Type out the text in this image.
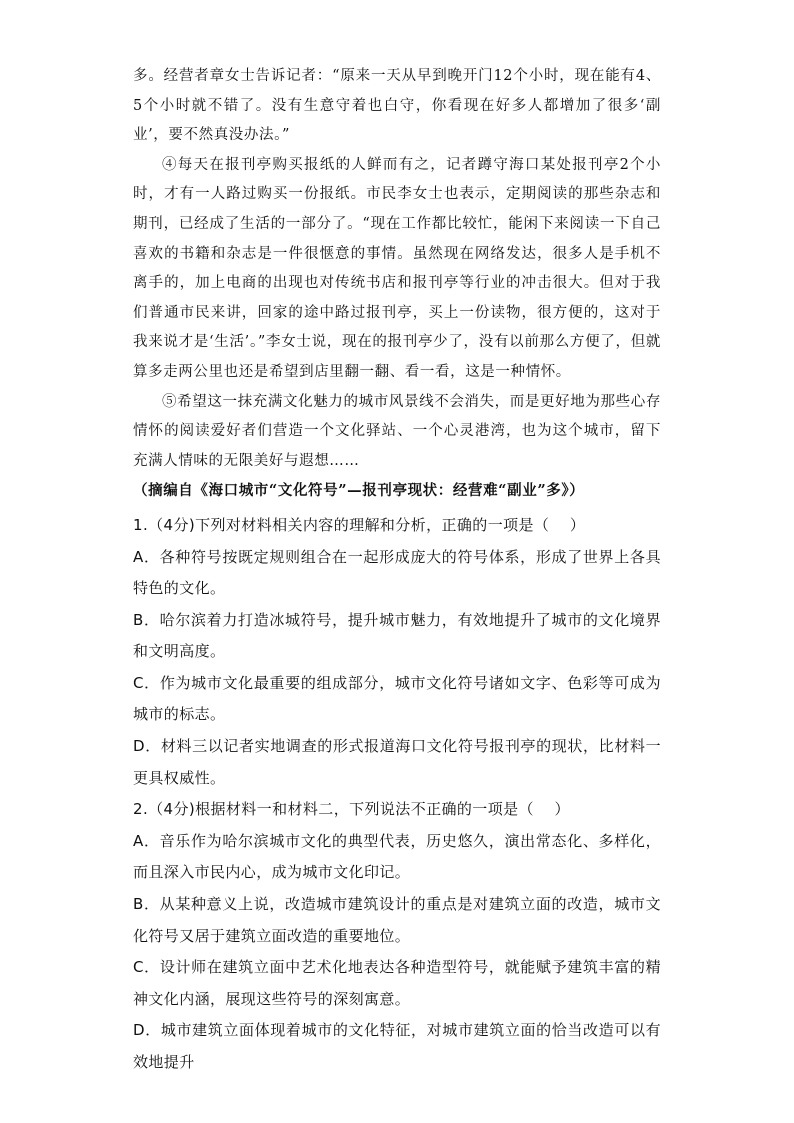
多。经营者章女士告诉记者：“原来一天从早到晚开门12个小时，现在能有4、5个小时就不错了。没有生意守着也白守，你看现在好多人都增加了很多‘副业’，要不然真没办法。”

④每天在报刊亭购买报纸的人鲜而有之，记者蹲守海口某处报刊亭2个小时，才有一人路过购买一份报纸。市民李女士也表示，定期阅读的那些杂志和期刊，已经成了生活的一部分了。“现在工作都比较忙，能闲下来阅读一下自己喜欢的书籍和杂志是一件很惬意的事情。虽然现在网络发达，很多人是手机不离手的，加上电商的出现也对传统书店和报刊亭等行业的冲击很大。但对于我们普通市民来讲，回家的途中路过报刊亭，买上一份读物，很方便的，这对于我来说才是‘生活’。”李女士说，现在的报刊亭少了，没有以前那么方便了，但就算多走两公里也还是希望到店里翻一翻、看一看，这是一种情怀。

⑤希望这一抹充满文化魅力的城市风景线不会消失，而是更好地为那些心存情怀的阅读爱好者们营造一个文化驿站、一个心灵港湾，也为这个城市，留下充满人情味的无限美好与遐想……

（摘编自《海口城市“文化符号”—报刊亭现状：经营难“副业”多》）

1.（4分)下列对材料相关内容的理解和分析，正确的一项是（　 ）

A．各种符号按既定规则组合在一起形成庞大的符号体系，形成了世界上各具特色的文化。

B．哈尔滨着力打造冰城符号，提升城市魅力，有效地提升了城市的文化境界和文明高度。

C．作为城市文化最重要的组成部分，城市文化符号诸如文字、色彩等可成为城市的标志。

D．材料三以记者实地调查的形式报道海口文化符号报刊亭的现状，比材料一更具权威性。

2.（4分)根据材料一和材料二，下列说法不正确的一项是（　 ）

A．音乐作为哈尔滨城市文化的典型代表，历史悠久，演出常态化、多样化，而且深入市民内心，成为城市文化印记。

B．从某种意义上说，改造城市建筑设计的重点是对建筑立面的改造，城市文化符号又居于建筑立面改造的重要地位。

C．设计师在建筑立面中艺术化地表达各种造型符号，就能赋予建筑丰富的精神文化内涵，展现这些符号的深刻寓意。

D．城市建筑立面体现着城市的文化特征，对城市建筑立面的恰当改造可以有效地提升
